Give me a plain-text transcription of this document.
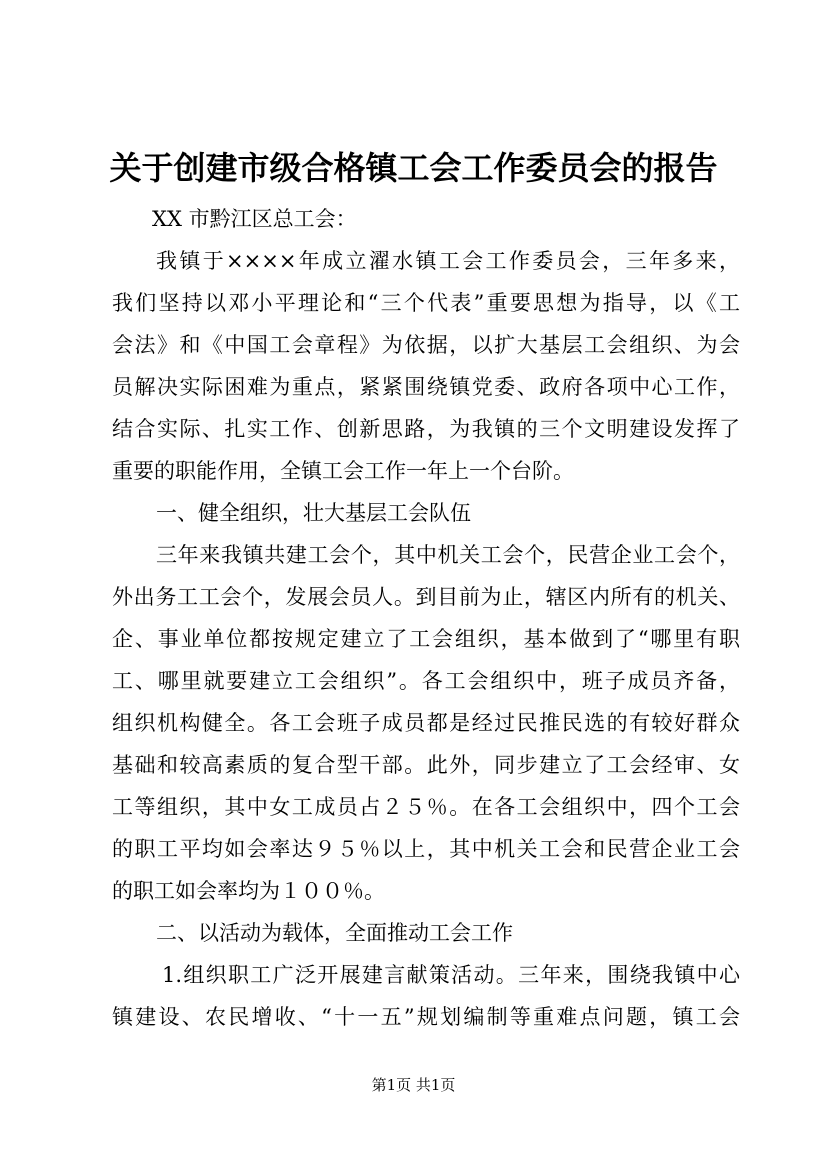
关于创建市级合格镇工会工作委员会的报告
XX 市黔江区总工会：
我镇于××××年成立濯水镇工会工作委员会，三年多来，
我们坚持以邓小平理论和“三个代表”重要思想为指导，以《工
会法》和《中国工会章程》为依据，以扩大基层工会组织、为会
员解决实际困难为重点，紧紧围绕镇党委、政府各项中心工作，
结合实际、扎实工作、创新思路，为我镇的三个文明建设发挥了
重要的职能作用，全镇工会工作一年上一个台阶。
一、健全组织，壮大基层工会队伍
三年来我镇共建工会个，其中机关工会个，民营企业工会个，
外出务工工会个，发展会员人。到目前为止，辖区内所有的机关、
企、事业单位都按规定建立了工会组织，基本做到了“哪里有职
工、哪里就要建立工会组织”。各工会组织中，班子成员齐备，
组织机构健全。各工会班子成员都是经过民推民选的有较好群众
基础和较高素质的复合型干部。此外，同步建立了工会经审、女
工等组织，其中女工成员占２５％。在各工会组织中，四个工会
的职工平均如会率达９５％以上，其中机关工会和民营企业工会
的职工如会率均为１００％。
二、以活动为载体，全面推动工会工作
1.组织职工广泛开展建言献策活动。三年来，围绕我镇中心
镇建设、农民增收、“十一五”规划编制等重难点问题，镇工会
第1页 共1页
